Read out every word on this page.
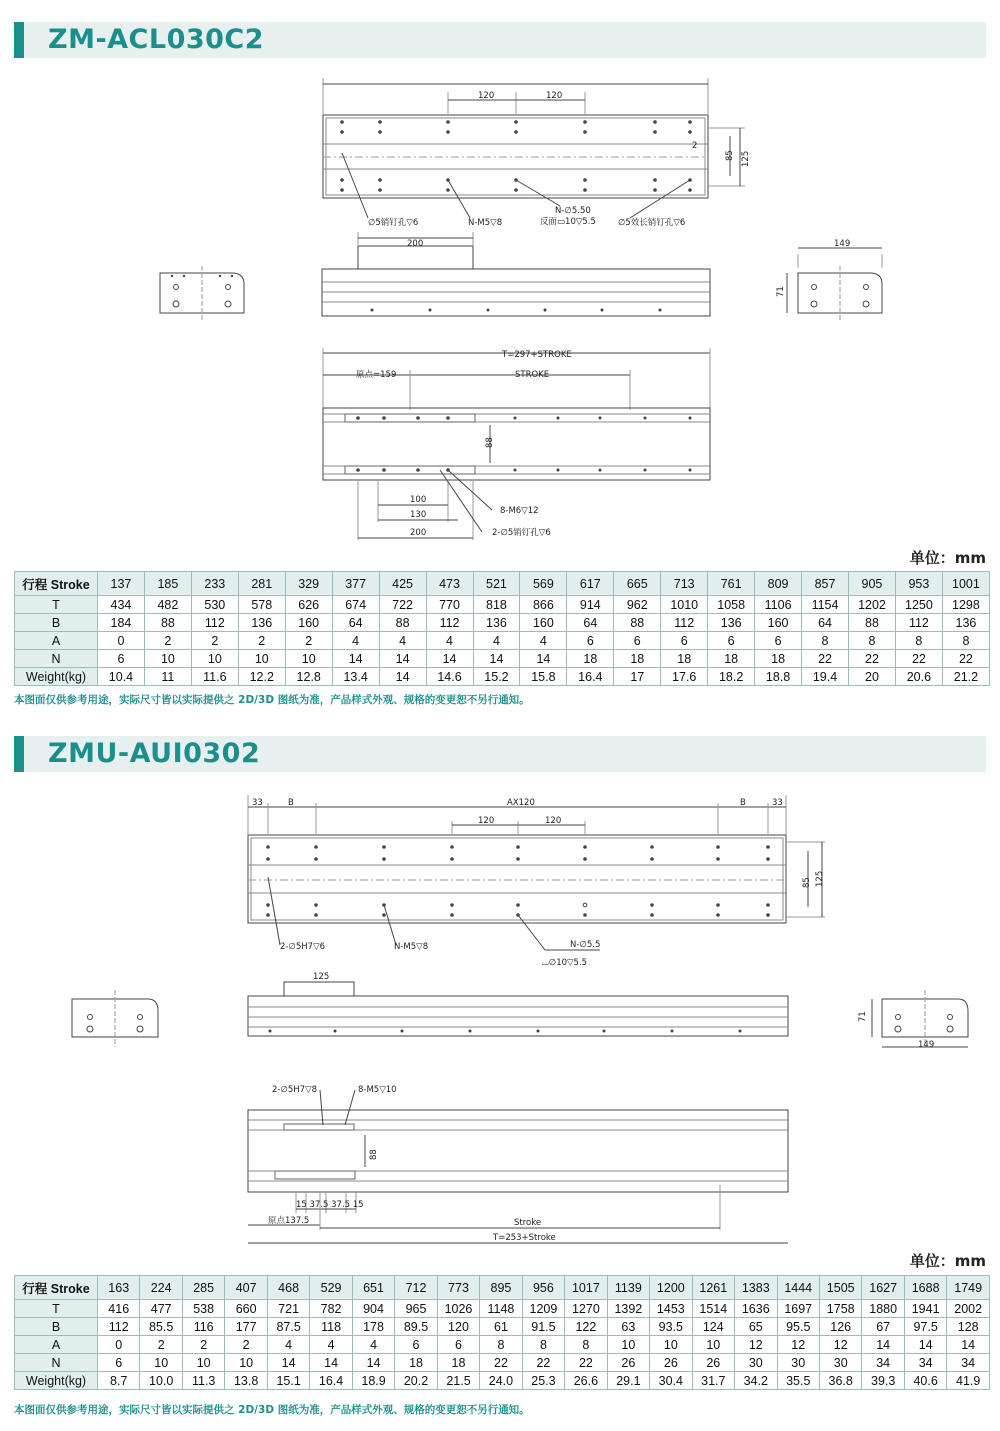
ZM-ACL030C2
120	120
2
85 125
∅5销钉孔▽6	N-M5▽8
N-∅5.50
反面▭10▽5.5	∅5效长销钉孔▽6
200	149
71
T=297+STROKE
原点=159	STROKE
88
100
130
200
8-M6▽12
2-∅5销钉孔▽6
单位：mm
行程 Stroke	137	185	233	281	329	377	425	473	521	569	617	665	713	761	809	857	905	953	1001
T	434	482	530	578	626	674	722	770	818	866	914	962	1010	1058	1106	1154	1202	1250	1298
B	184	88	112	136	160	64	88	112	136	160	64	88	112	136	160	64	88	112	136
A	0	2	2	2	2	4	4	4	4	4	6	6	6	6	6	8	8	8	8
N	6	10	10	10	10	14	14	14	14	14	18	18	18	18	18	22	22	22	22
Weight(kg)	10.4	11	11.6	12.2	12.8	13.4	14	14.6	15.2	15.8	16.4	17	17.6	18.2	18.8	19.4	20	20.6	21.2
本图面仅供参考用途，实际尺寸皆以实际提供之 2D/3D 图纸为准，产品样式外观、规格的变更恕不另行通知。
ZMU-AUI0302
33	B	AX120	B	33
120	120
85 125
2-∅5H7▽6	N-M5▽8	N-∅5.5
⌴∅10▽5.5
125
71
149
2-∅5H7▽8	8-M5▽10
88
15 37.5 37.5 15
原点137.5	Stroke
T=253+Stroke
单位：mm
行程 Stroke	163	224	285	407	468	529	651	712	773	895	956	1017	1139	1200	1261	1383	1444	1505	1627	1688	1749
T	416	477	538	660	721	782	904	965	1026	1148	1209	1270	1392	1453	1514	1636	1697	1758	1880	1941	2002
B	112	85.5	116	177	87.5	118	178	89.5	120	61	91.5	122	63	93.5	124	65	95.5	126	67	97.5	128
A	0	2	2	2	4	4	4	6	6	8	8	8	10	10	10	12	12	12	14	14	14
N	6	10	10	10	14	14	14	18	18	22	22	22	26	26	26	30	30	30	34	34	34
Weight(kg)	8.7	10.0	11.3	13.8	15.1	16.4	18.9	20.2	21.5	24.0	25.3	26.6	29.1	30.4	31.7	34.2	35.5	36.8	39.3	40.6	41.9
本图面仅供参考用途，实际尺寸皆以实际提供之 2D/3D 图纸为准，产品样式外观、规格的变更恕不另行通知。
